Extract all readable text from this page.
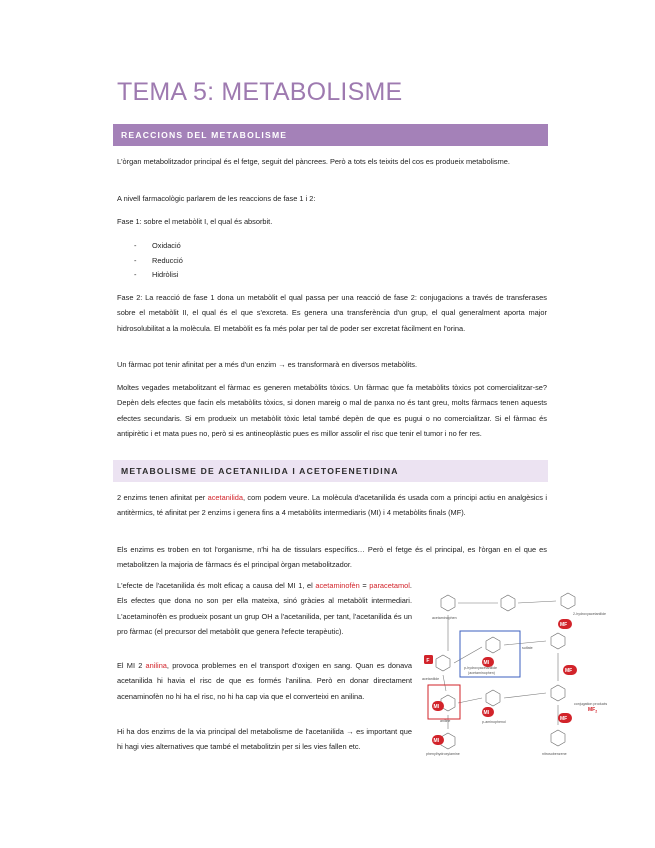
TEMA 5: METABOLISME
REACCIONS DEL METABOLISME

L'òrgan metabolitzador principal és el fetge, seguit del pàncrees. Però a tots els teixits del cos es produeix metabolisme.

A nivell farmacològic parlarem de les reaccions de fase 1 i 2:

Fase 1: sobre el metabòlit I, el qual és absorbit.

-	Oxidació
-	Reducció
-	Hidròlisi

Fase 2: La reacció de fase 1 dona un metabòlit el qual passa per una reacció de fase 2: conjugacions a través de transferases sobre el metabòlit II, el qual és el que s'excreta. Es genera una transferència d'un grup, el qual generalment aporta major hidrosolubilitat a la molècula. El metabòlit es fa més polar per tal de poder ser excretat fàcilment en l'orina.

Un fàrmac pot tenir afinitat per a més d'un enzim → es transformarà en diversos metabòlits.

Moltes vegades metabolitzant el fàrmac es generen metabòlits tòxics. Un fàrmac que fa metabòlits tòxics pot comercialitzar-se? Depèn dels efectes que facin els metabòlits tòxics, si donen mareig o mal de panxa no és tant greu, molts fàrmacs tenen aquests efectes secundaris. Si em produeix un metabòlit tòxic letal també depèn de que es pugui o no comercialitzar. Si el fàrmac és antipirètic i et mata pues no, però si es antineoplàstic pues es millor assolir el risc que tenir el tumor i no fer res.

METABOLISME DE ACETANILIDA I ACETOFENETIDINA

2 enzims tenen afinitat per acetanilida, com podem veure. La molècula d'acetanilida és usada com a principi actiu en analgèsics i antitèrmics, té afinitat per 2 enzims i genera fins a 4 metabòlits intermediaris (MI) i 4 metabòlits finals (MF).

Els enzims es troben en tot l'organisme, n'hi ha de tissulars específics… Però el fetge és el principal, es l'òrgan en el que es metabolitzen la majoria de fàrmacs és el principal òrgan metabolitzador.

L'efecte de l'acetanilida és molt eficaç a causa del MI 1, el acetaminofèn = paracetamol. Els efectes que dona no son per ella mateixa, sinó gràcies al metabòlit intermediari. L'acetaminofèn es produeix posant un grup OH a l'acetanilida, per tant, l'acetanilida és un pro fàrmac (el precursor del metabòlit que genera l'efecte terapèutic).

El MI 2 anilina, provoca problemes en el transport d'oxigen en sang. Quan es donava acetanilida hi havia el risc de que es formés l'anilina. Però en donar directament acenaminofèn no hi ha el risc, no hi ha cap via que el converteixi en anilina.

Hi ha dos enzims de la via principal del metabolisme de l'acetanilida → es important que hi hagi vies alternatives que també el metabolitzin per si les vies fallen etc.

F	MI
MF
MI
MI
MF
MF
MI
$MF_2$
acetaminophen
2-hydroxyacetanilide
sulfate
acetanilide
p-hydroxyacetanilide
(acetaminophen)
aniline	p-aminophenol
conjugation products
phenylhydroxylamine	nitrosobenzene
